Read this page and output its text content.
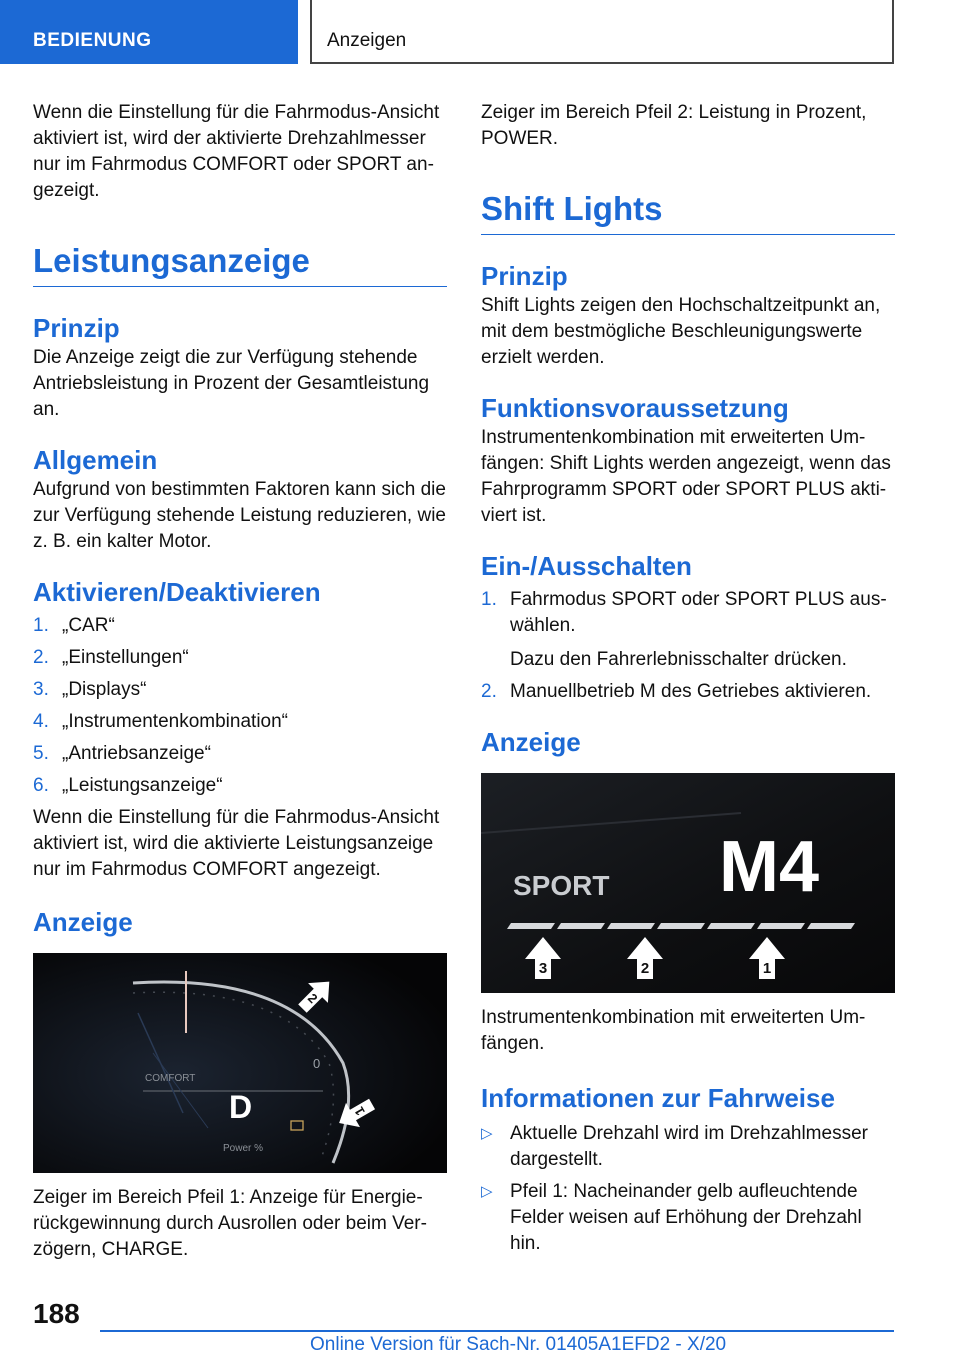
BEDIENUNG	Anzeigen

Wenn die Einstellung für die Fahrmodus-Ansicht aktiviert ist, wird der aktivierte Drehzahlmesser nur im Fahrmodus COMFORT oder SPORT angezeigt.

Leistungsanzeige
Prinzip

Die Anzeige zeigt die zur Verfügung stehende Antriebsleistung in Prozent der Gesamtleistung an.

Allgemein

Aufgrund von bestimmten Faktoren kann sich die zur Verfügung stehende Leistung reduzieren, wie z. B. ein kalter Motor.

Aktivieren/Deaktivieren
1. „CAR“
2. „Einstellungen“
3. „Displays“
4. „Instrumentenkombination“
5. „Antriebsanzeige“
6. „Leistungsanzeige“

Wenn die Einstellung für die Fahrmodus-Ansicht aktiviert ist, wird die aktivierte Leistungsanzeige nur im Fahrmodus COMFORT angezeigt.

Anzeige
COMFORT
D
0
Power %
2
1

Zeiger im Bereich Pfeil 1: Anzeige für Energierückgewinnung durch Ausrollen oder beim Verzögern, CHARGE.

Zeiger im Bereich Pfeil 2: Leistung in Prozent, POWER.

Shift Lights
Prinzip

Shift Lights zeigen den Hochschaltzeitpunkt an, mit dem bestmögliche Beschleunigungswerte erzielt werden.

Funktionsvoraussetzung

Instrumentenkombination mit erweiterten Umfängen: Shift Lights werden angezeigt, wenn das Fahrprogramm SPORT oder SPORT PLUS aktiviert ist.

Ein-/Ausschalten
1. Fahrmodus SPORT oder SPORT PLUS auswählen.
Dazu den Fahrerlebnisschalter drücken.
2. Manuellbetrieb M des Getriebes aktivieren.
Anzeige
M4
SPORT
3	2	1

Instrumentenkombination mit erweiterten Umfängen.

Informationen zur Fahrweise
▷ Aktuelle Drehzahl wird im Drehzahlmesser dargestellt.
▷ Pfeil 1: Nacheinander gelb aufleuchtende Felder weisen auf Erhöhung der Drehzahl hin.
188
Online Version für Sach-Nr. 01405A1EFD2 - X/20
